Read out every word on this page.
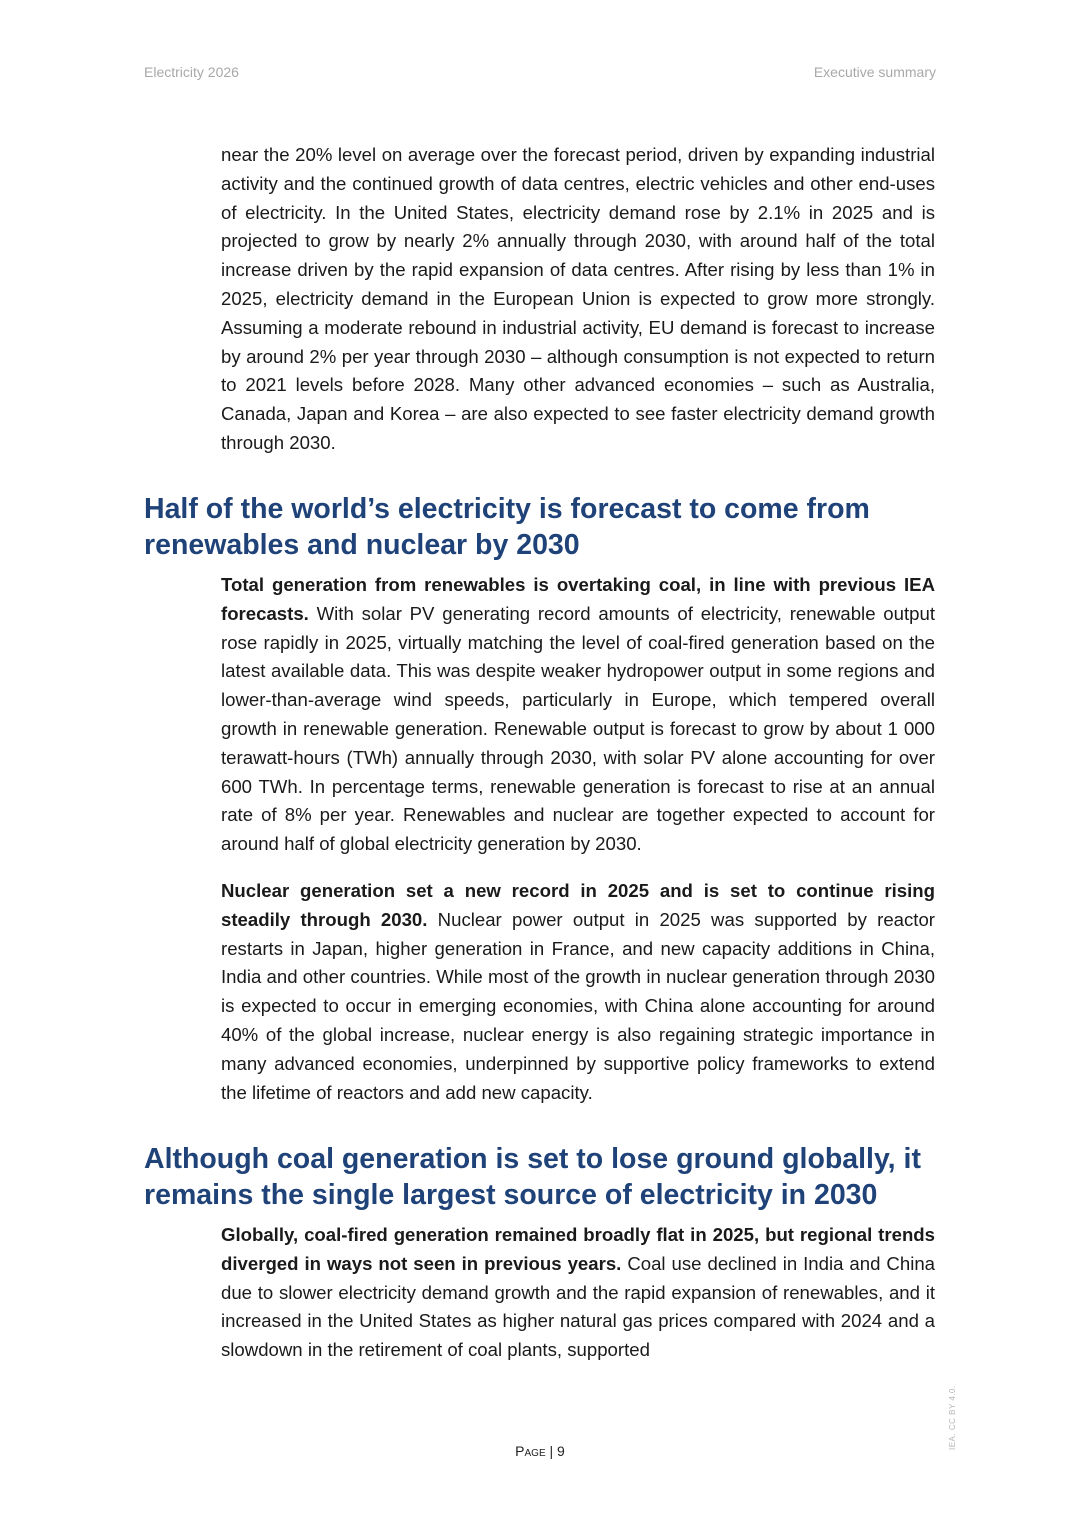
Electricity 2026	Executive summary

near the 20% level on average over the forecast period, driven by expanding industrial activity and the continued growth of data centres, electric vehicles and other end-uses of electricity. In the United States, electricity demand rose by 2.1% in 2025 and is projected to grow by nearly 2% annually through 2030, with around half of the total increase driven by the rapid expansion of data centres. After rising by less than 1% in 2025, electricity demand in the European Union is expected to grow more strongly. Assuming a moderate rebound in industrial activity, EU demand is forecast to increase by around 2% per year through 2030 – although consumption is not expected to return to 2021 levels before 2028. Many other advanced economies – such as Australia, Canada, Japan and Korea – are also expected to see faster electricity demand growth through 2030.

Half of the world’s electricity is forecast to come from renewables and nuclear by 2030

Total generation from renewables is overtaking coal, in line with previous IEA forecasts. With solar PV generating record amounts of electricity, renewable output rose rapidly in 2025, virtually matching the level of coal-fired generation based on the latest available data. This was despite weaker hydropower output in some regions and lower-than-average wind speeds, particularly in Europe, which tempered overall growth in renewable generation. Renewable output is forecast to grow by about 1 000 terawatt-hours (TWh) annually through 2030, with solar PV alone accounting for over 600 TWh. In percentage terms, renewable generation is forecast to rise at an annual rate of 8% per year. Renewables and nuclear are together expected to account for around half of global electricity generation by 2030.

Nuclear generation set a new record in 2025 and is set to continue rising steadily through 2030. Nuclear power output in 2025 was supported by reactor restarts in Japan, higher generation in France, and new capacity additions in China, India and other countries. While most of the growth in nuclear generation through 2030 is expected to occur in emerging economies, with China alone accounting for around 40% of the global increase, nuclear energy is also regaining strategic importance in many advanced economies, underpinned by supportive policy frameworks to extend the lifetime of reactors and add new capacity.

Although coal generation is set to lose ground globally, it remains the single largest source of electricity in 2030

Globally, coal-fired generation remained broadly flat in 2025, but regional trends diverged in ways not seen in previous years. Coal use declined in India and China due to slower electricity demand growth and the rapid expansion of renewables, and it increased in the United States as higher natural gas prices compared with 2024 and a slowdown in the retirement of coal plants, supported

Page | 9
IEA. CC BY 4.0.
